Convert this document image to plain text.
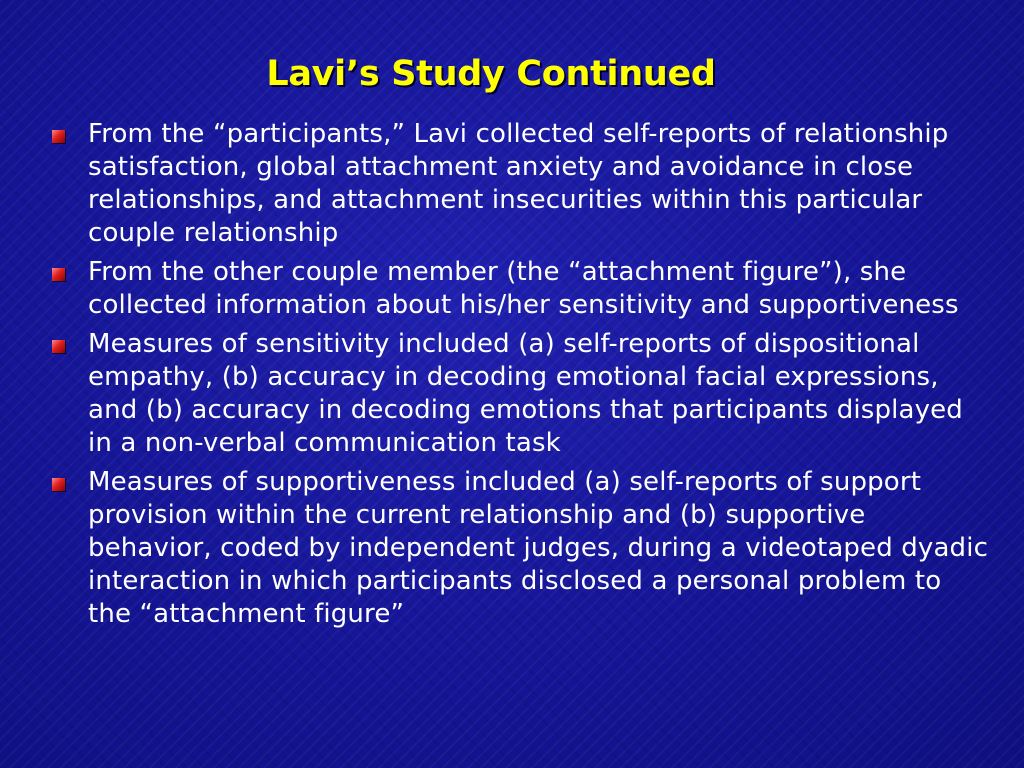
Lavi’s Study Continued
From the “participants,” Lavi collected self-reports of relationship satisfaction, global attachment anxiety and avoidance in close relationships, and attachment insecurities within this particular couple relationship
From the other couple member (the “attachment figure”), she collected information about his/her sensitivity and supportiveness
Measures of sensitivity included (a) self-reports of dispositional empathy, (b) accuracy in decoding emotional facial expressions, and (b) accuracy in decoding emotions that participants displayed in a non-verbal communication task
Measures of supportiveness included (a) self-reports of support provision within the current relationship and (b) supportive behavior, coded by independent judges, during a videotaped dyadic interaction in which participants disclosed a personal problem to the “attachment figure”
